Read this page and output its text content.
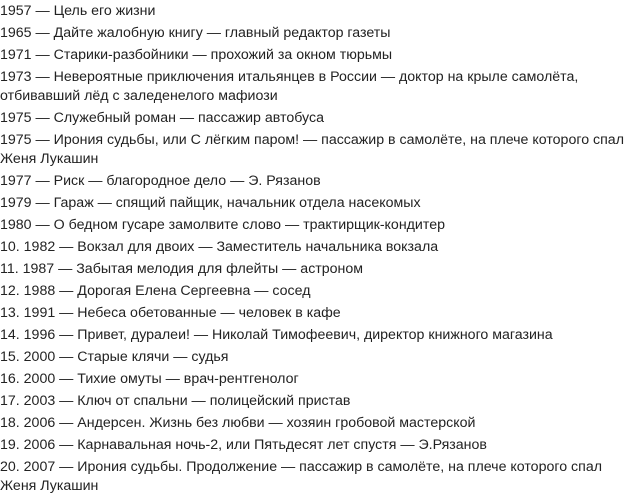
1957 — Цель его жизни
1965 — Дайте жалобную книгу — главный редактор газеты
1971 — Старики-разбойники — прохожий за окном тюрьмы
1973 — Невероятные приключения итальянцев в России — доктор на крыле самолёта, отбивавший лёд с заледенелого мафиози
1975 — Служебный роман — пассажир автобуса
1975 — Ирония судьбы, или С лёгким паром! — пассажир в самолёте, на плече которого спал Женя Лукашин
1977 — Риск — благородное дело — Э. Рязанов
1979 — Гараж — спящий пайщик, начальник отдела насекомых
1980 — О бедном гусаре замолвите слово — трактирщик-кондитер
10. 1982 — Вокзал для двоих — Заместитель начальника вокзала
11. 1987 — Забытая мелодия для флейты — астроном
12. 1988 — Дорогая Елена Сергеевна — сосед
13. 1991 — Небеса обетованные — человек в кафе
14. 1996 — Привет, дуралеи! — Николай Тимофеевич, директор книжного магазина
15. 2000 — Старые клячи — судья
16. 2000 — Тихие омуты — врач-рентгенолог
17. 2003 — Ключ от спальни — полицейский пристав
18. 2006 — Андерсен. Жизнь без любви — хозяин гробовой мастерской
19. 2006 — Карнавальная ночь-2, или Пятьдесят лет спустя — Э.Рязанов
20. 2007 — Ирония судьбы. Продолжение — пассажир в самолёте, на плече которого спал Женя Лукашин
